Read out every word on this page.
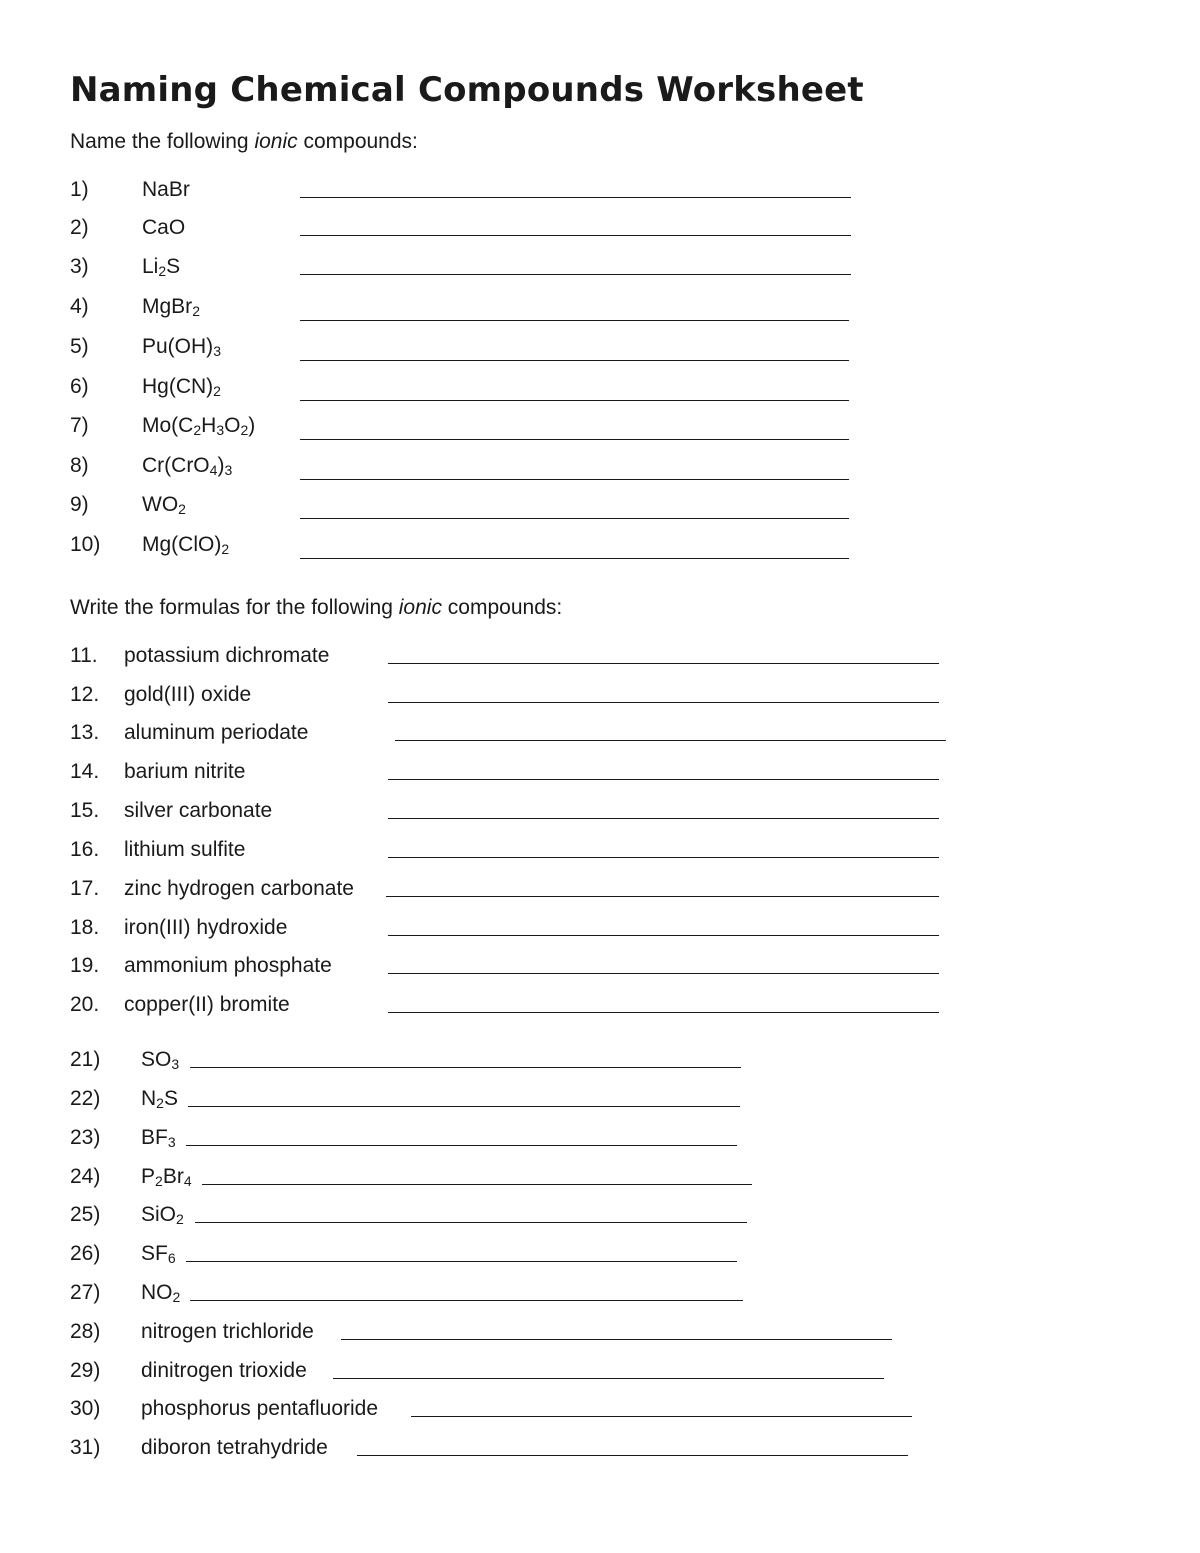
Naming Chemical Compounds Worksheet
Name the following ionic compounds:
1)	NaBr
2)	CaO
3)	$Li_2S$
4)	MgBr$_2$
5)	$Pu(OH)_3$
6)	$Hg(CN)_2$
7)	$Mo(C_2H_3O_2)$
8)	$Cr(CrO_4)_3$
9)	$WO_2$
10) $Mg(ClO)_2$
Write the formulas for the following ionic compounds:
11. potassium dichromate
12. gold(III) oxide
13. aluminum periodate
14. barium nitrite
15. silver carbonate
16. lithium sulfite
17. zinc hydrogen carbonate
18. iron(III) hydroxide
19. ammonium phosphate
20. copper(II) bromite
21) $SO_3$
22) $N_2S$
23) $BF_3$
24) $P_2Br_4$
25) SiO$_2$
26) $SF_6$
27) $NO_2$
28) nitrogen trichloride
29) dinitrogen trioxide
30) phosphorus pentafluoride
31) diboron tetrahydride
